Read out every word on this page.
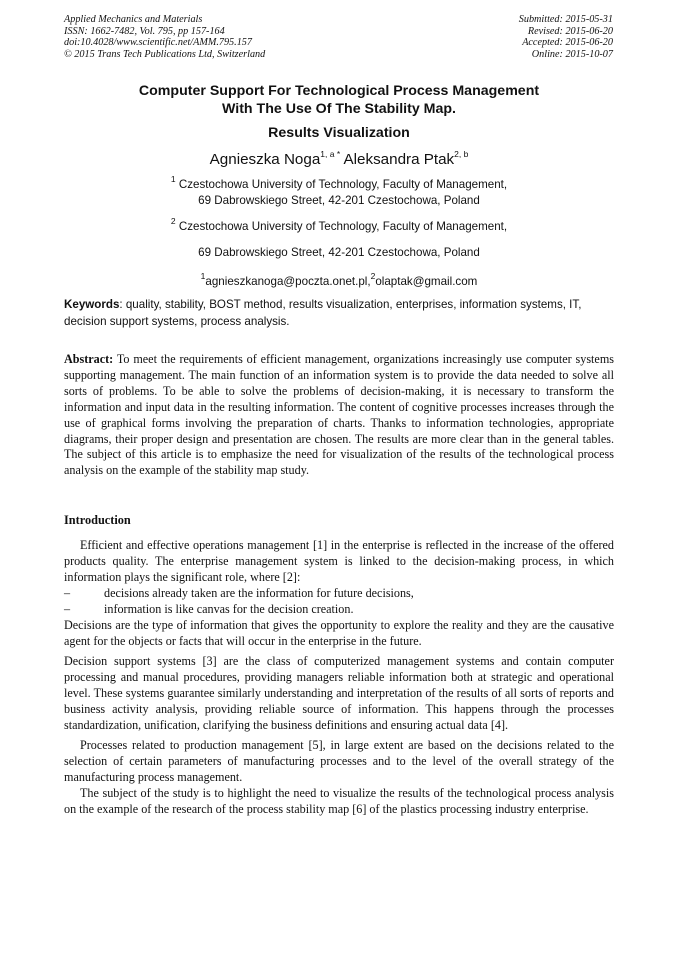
Applied Mechanics and Materials
ISSN: 1662-7482, Vol. 795, pp 157-164
doi:10.4028/www.scientific.net/AMM.795.157
© 2015 Trans Tech Publications Ltd, Switzerland
Submitted: 2015-05-31
Revised: 2015-06-20
Accepted: 2015-06-20
Online: 2015-10-07
Computer Support For Technological Process Management
With The Use Of The Stability Map.
Results Visualization
Agnieszka Noga$^{1, a *}$ Aleksandra Ptak$^{2, b}$
$^1$ Czestochowa University of Technology, Faculty of Management,
69 Dabrowskiego Street, 42-201 Czestochowa, Poland
$^2$ Czestochowa University of Technology, Faculty of Management,
69 Dabrowskiego Street, 42-201 Czestochowa, Poland
$^1$agnieszkanoga@poczta.onet.pl,$^2$olaptak@gmail.com
Keywords: quality, stability, BOST method, results visualization, enterprises, information systems, IT, decision support systems, process analysis.
Abstract: To meet the requirements of efficient management, organizations increasingly use computer systems supporting management. The main function of an information system is to provide the data needed to solve all sorts of problems. To be able to solve the problems of decision-making, it is necessary to transform the information and input data in the resulting information. The content of cognitive processes increases through the use of graphical forms involving the preparation of charts. Thanks to information technologies, appropriate diagrams, their proper design and presentation are chosen. The results are more clear than in the general tables. The subject of this article is to emphasize the need for visualization of the results of the technological process analysis on the example of the stability map study.
Introduction

Efficient and effective operations management [1] in the enterprise is reflected in the increase of the offered products quality. The enterprise management system is linked to the decision-making process, in which information plays the significant role, where [2]:

–	decisions already taken are the information for future decisions,

–	information is like canvas for the decision creation.

Decisions are the type of information that gives the opportunity to explore the reality and they are the causative agent for the objects or facts that will occur in the enterprise in the future.

Decision support systems [3] are the class of computerized management systems and contain computer processing and manual procedures, providing managers reliable information both at strategic and operational level. These systems guarantee similarly understanding and interpretation of the results of all sorts of reports and business activity analysis, providing reliable source of information. This happens through the processes standardization, unification, clarifying the business definitions and ensuring actual data [4].

Processes related to production management [5], in large extent are based on the decisions related to the selection of certain parameters of manufacturing processes and to the level of the overall strategy of the manufacturing process management.

The subject of the study is to highlight the need to visualize the results of the technological process analysis on the example of the research of the process stability map [6] of the plastics processing industry enterprise.
